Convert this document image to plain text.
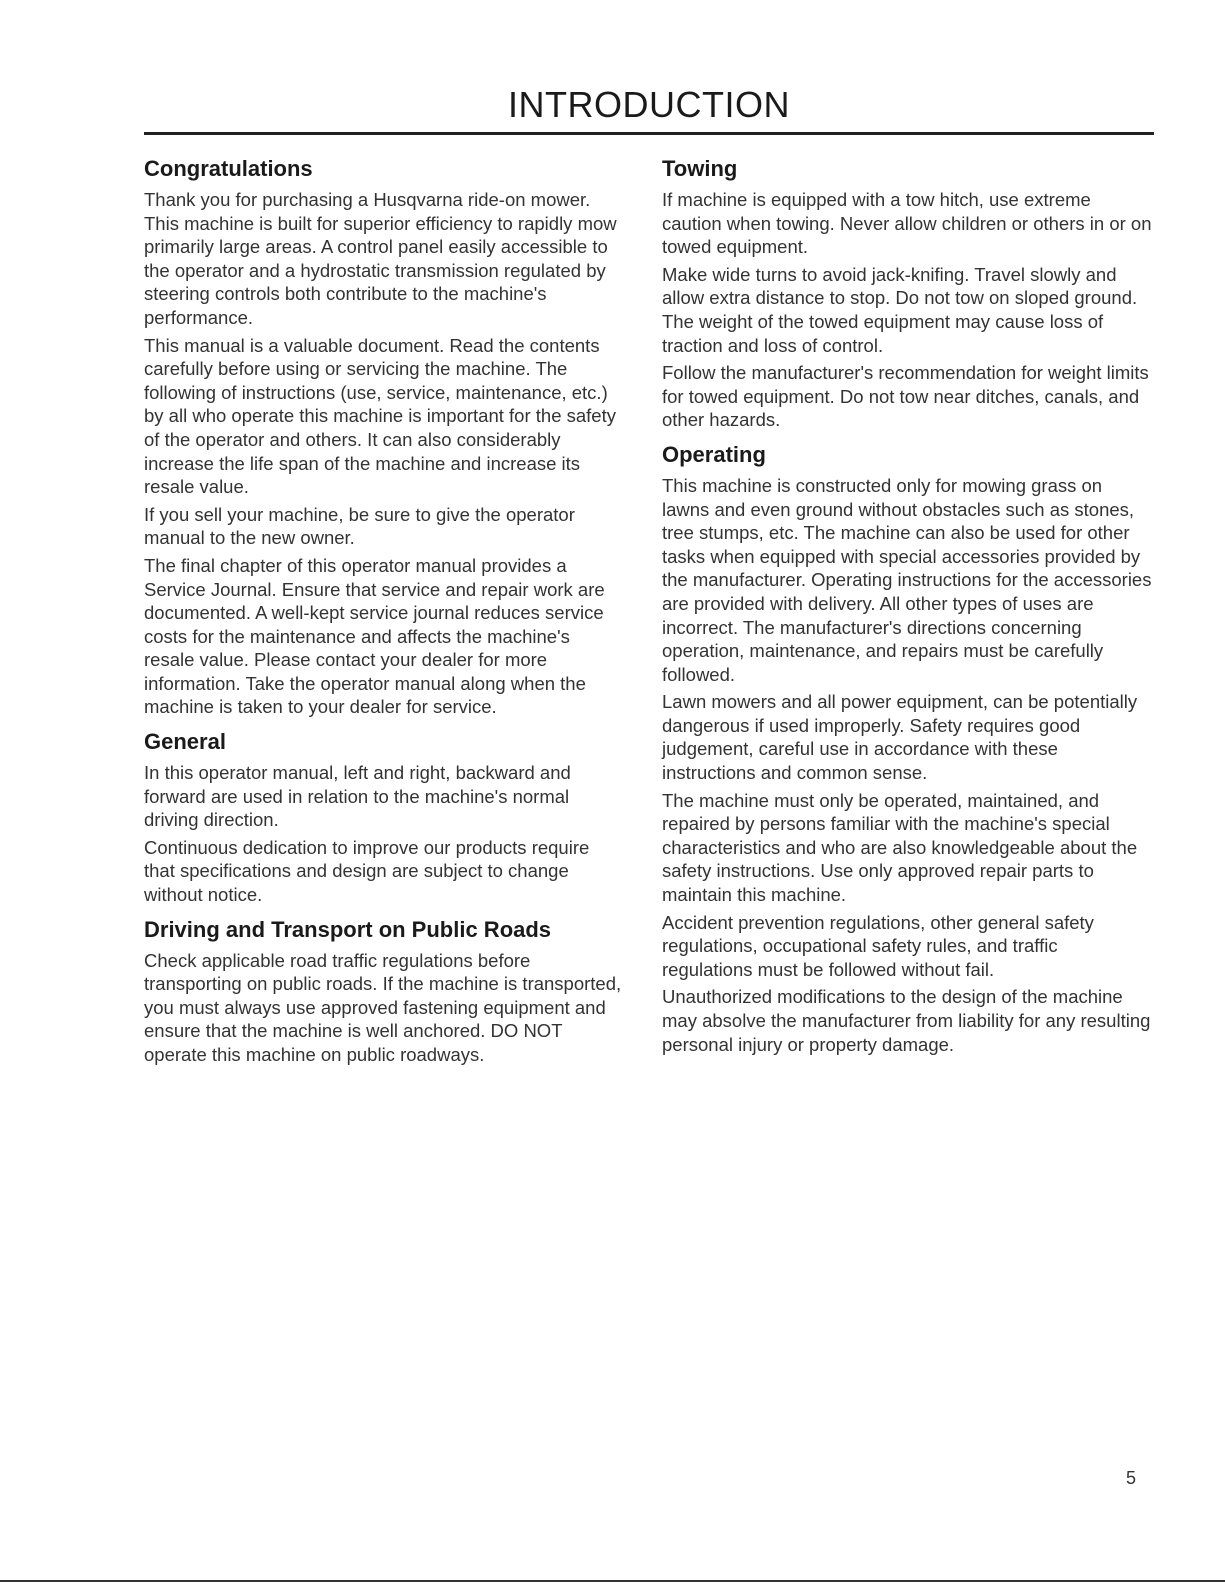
INTRODUCTION
Congratulations

Thank you for purchasing a Husqvarna ride-on mower. This machine is built for superior efficiency to rapidly mow primarily large areas. A control panel easily accessible to the operator and a hydrostatic transmission regulated by steering controls both contribute to the machine's performance.

This manual is a valuable document. Read the contents carefully before using or servicing the machine. The following of instructions (use, service, maintenance, etc.) by all who operate this machine is important for the safety of the operator and others. It can also considerably increase the life span of the machine and increase its resale value.

If you sell your machine, be sure to give the operator manual to the new owner.

The final chapter of this operator manual provides a Service Journal. Ensure that service and repair work are documented. A well-kept service journal reduces service costs for the maintenance and affects the machine's resale value. Please contact your dealer for more information. Take the operator manual along when the machine is taken to your dealer for service.

General

In this operator manual, left and right, backward and forward are used in relation to the machine's normal driving direction.

Continuous dedication to improve our products require that specifications and design are subject to change without notice.

Driving and Transport on Public Roads

Check applicable road traffic regulations before transporting on public roads. If the machine is transported, you must always use approved fastening equipment and ensure that the machine is well anchored. DO NOT operate this machine on public roadways.

Towing

If machine is equipped with a tow hitch, use extreme caution when towing. Never allow children or others in or on towed equipment.

Make wide turns to avoid jack-knifing. Travel slowly and allow extra distance to stop. Do not tow on sloped ground. The weight of the towed equipment may cause loss of traction and loss of control.

Follow the manufacturer's recommendation for weight limits for towed equipment. Do not tow near ditches, canals, and other hazards.

Operating

This machine is constructed only for mowing grass on lawns and even ground without obstacles such as stones, tree stumps, etc. The machine can also be used for other tasks when equipped with special accessories provided by the manufacturer. Operating instructions for the accessories are provided with delivery. All other types of uses are incorrect. The manufacturer's directions concerning operation, maintenance, and repairs must be carefully followed.

Lawn mowers and all power equipment, can be potentially dangerous if used improperly. Safety requires good judgement, careful use in accordance with these instructions and common sense.

The machine must only be operated, maintained, and repaired by persons familiar with the machine's special characteristics and who are also knowledgeable about the safety instructions. Use only approved repair parts to maintain this machine.

Accident prevention regulations, other general safety regulations, occupational safety rules, and traffic regulations must be followed without fail.

Unauthorized modifications to the design of the machine may absolve the manufacturer from liability for any resulting personal injury or property damage.

5
